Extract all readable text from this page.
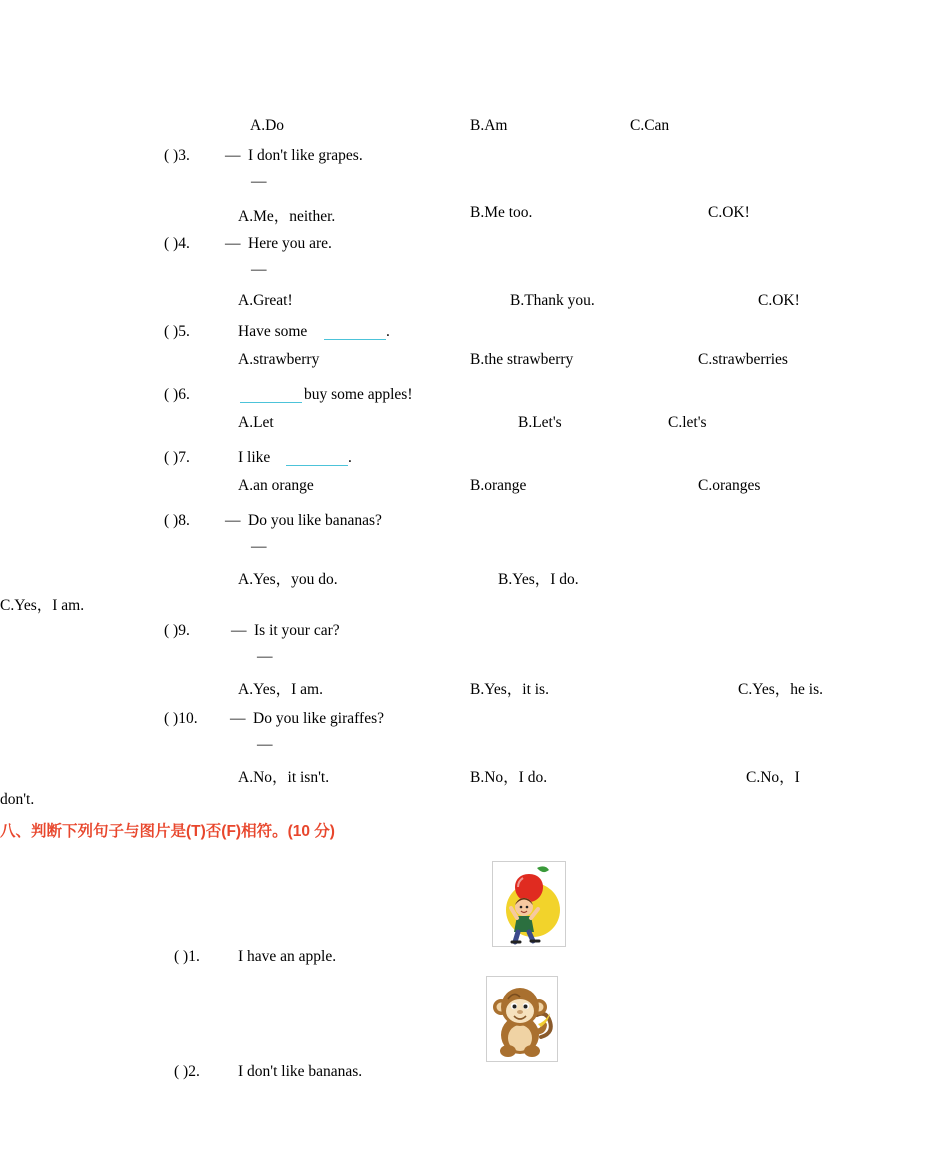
A.Do	B.Am	C.Can
( )3. — I don't like grapes.
—
A.Me，neither.	B.Me too.	C.OK!
( )4. — Here you are.
—
A.Great!	B.Thank you.	C.OK!
( )5.	Have some	.
A.strawberry	B.the strawberry	C.strawberries
( )6.	buy some apples!
A.Let	B.Let's	C.let's
( )7.	I like	.
A.an orange	B.orange	C.oranges
( )8. — Do you like bananas?
—
A.Yes，you do.	B.Yes，I do.
C.Yes，I am.
( )9.	— Is it your car?
—
A.Yes，I am.	B.Yes，it is.	C.Yes，he is.
( )10. — Do you like giraffes?
—
A.No，it isn't.	B.No，I do.	C.No，I
don't.
八、判断下列句子与图片是(T)否(F)相符。(10 分)
( )1. I have an apple.
( )2. I don't like bananas.
